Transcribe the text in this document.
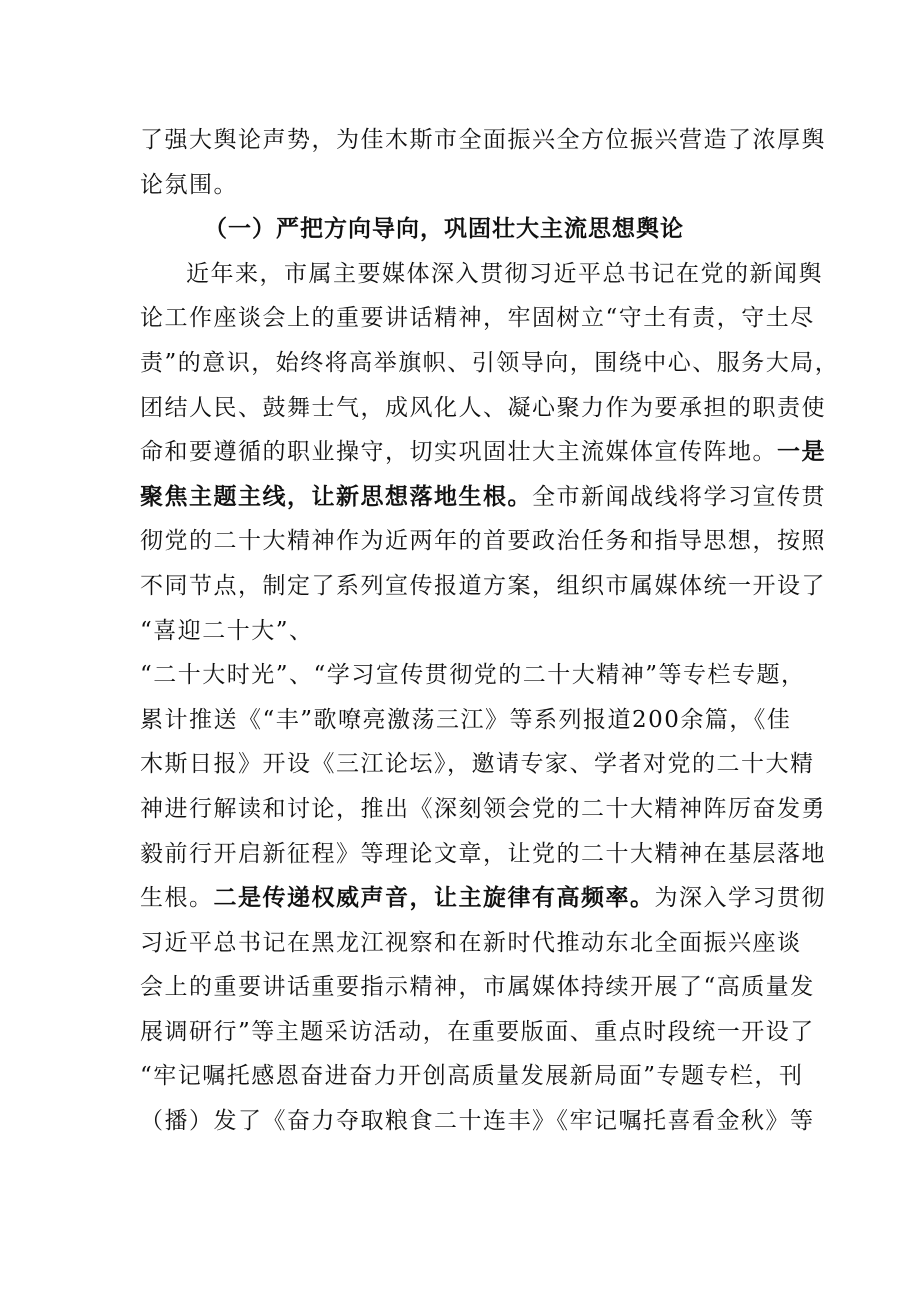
了强大舆论声势，为佳木斯市全面振兴全方位振兴营造了浓厚舆
论氛围。
（一）严把方向导向，巩固壮大主流思想舆论
近年来，市属主要媒体深入贯彻习近平总书记在党的新闻舆
论工作座谈会上的重要讲话精神，牢固树立“守土有责，守土尽
责”的意识，始终将高举旗帜、引领导向，围绕中心、服务大局，
团结人民、鼓舞士气，成风化人、凝心聚力作为要承担的职责使
命和要遵循的职业操守，切实巩固壮大主流媒体宣传阵地。一是
聚焦主题主线，让新思想落地生根。全市新闻战线将学习宣传贯
彻党的二十大精神作为近两年的首要政治任务和指导思想，按照
不同节点，制定了系列宣传报道方案，组织市属媒体统一开设了
“喜迎二十大”、
“二十大时光”、“学习宣传贯彻党的二十大精神”等专栏专题，
累计推送《“丰”歌嘹亮激荡三江》等系列报道200余篇，《佳
木斯日报》开设《三江论坛》，邀请专家、学者对党的二十大精
神进行解读和讨论，推出《深刻领会党的二十大精神阵厉奋发勇
毅前行开启新征程》等理论文章，让党的二十大精神在基层落地
生根。二是传递权威声音，让主旋律有高频率。为深入学习贯彻
习近平总书记在黑龙江视察和在新时代推动东北全面振兴座谈
会上的重要讲话重要指示精神，市属媒体持续开展了“高质量发
展调研行”等主题采访活动，在重要版面、重点时段统一开设了
“牢记嘱托感恩奋进奋力开创高质量发展新局面”专题专栏，刊
（播）发了《奋力夺取粮食二十连丰》《牢记嘱托喜看金秋》等
